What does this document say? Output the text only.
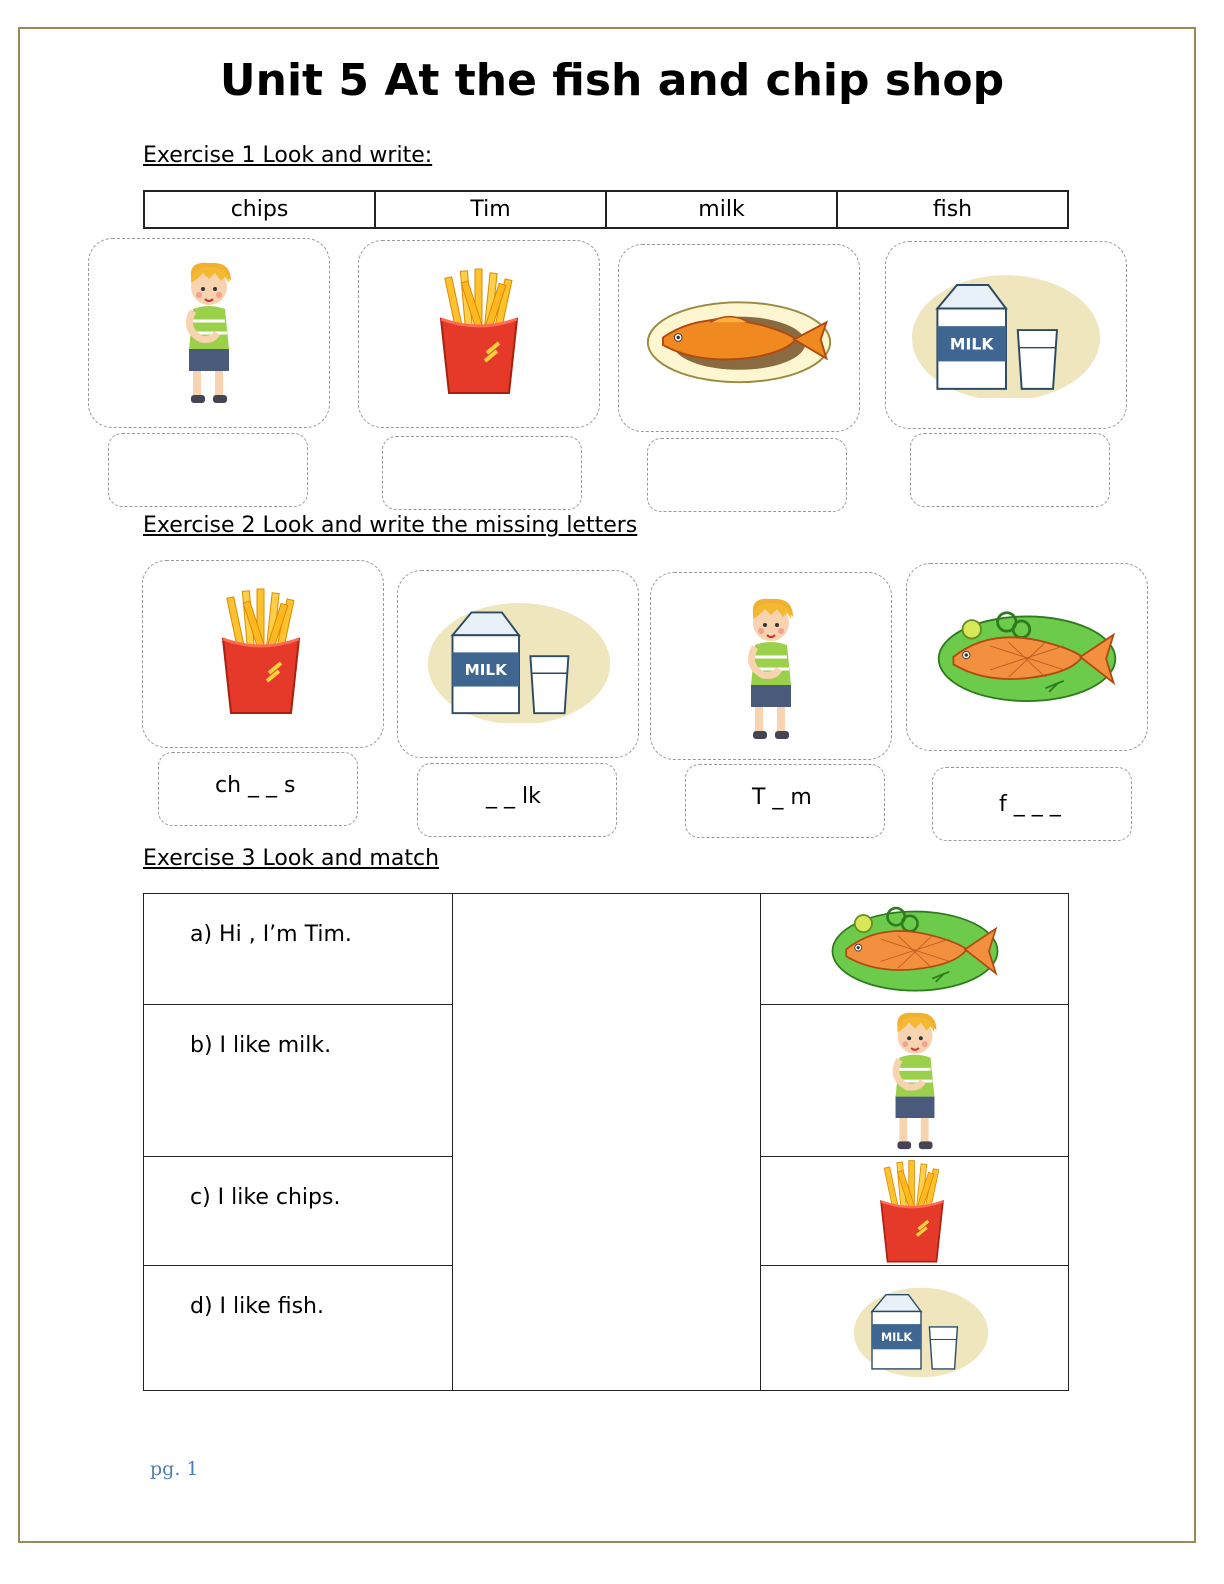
Unit 5 At the fish and chip shop
Exercise 1 Look and write:
chips	Tim	milk	fish
Exercise 2 Look and write the missing letters
ch _ _ s	_ _ lk	T _ m	f _ _ _
Exercise 3 Look and match
a) Hi , I’m Tim.

b) I like milk.

c) I like chips.

d) I like fish.

pg. 1
